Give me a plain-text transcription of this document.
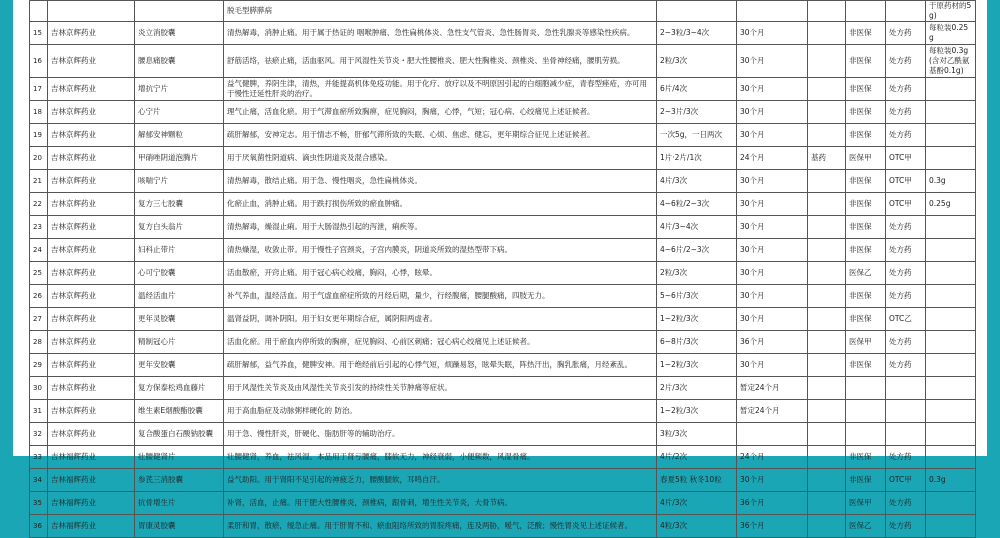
			脱毛型膵膵病						于原药材的5g)
15	吉林京辉药业	炎立消胶囊	清热解毒，消肿止痛。用于属于热证的 咽喉肿痛、急性扁桃体炎、急性支气管炎、急性肠胃炎、急性乳腺炎等感染性疾病。	2~3粒/3~4次	30个月		非医保	处方药	每粒装0.25g
16	吉林京辉药业	腰息痛胶囊	舒筋活络，祛瘀止痛，活血驱风。用于风湿性关节炎・肥大性腰椎炎、肥大性胸椎炎、颈椎炎、坐骨神经痛，腰肌劳损。	2粒/3次	30个月		非医保	处方药	每粒装0.3g(含对乙酰氨基酚0.1g)
17	吉林京辉药业	增抗宁片	益气健脾，养阴生津，清热，并能提高机体免疫功能。用于化疗、放疗以及不明原因引起的白细胞减少症，青春型痤疮，亦可用于慢性迁延性肝炎的治疗。	6片/4次	30个月		非医保	处方药	
18	吉林京辉药业	心宁片	理气止痛，活血化瘀。用于气滞血瘀所致胸痹，症见胸闷，胸痛，心悸，气短；冠心病、心绞痛见上述证候者。	2~3片/3次	30个月		非医保	处方药	
19	吉林京辉药业	解郁安神颗粒	疏肝解郁，安神定志。用于情志不畅，肝郁气滞所致的失眠、心烦、焦虑、健忘，更年期综合征见上述证候者。	一次5g，一日两次	30个月		非医保	处方药	
20	吉林京辉药业	甲硝唑阴道泡腾片	用于厌氧菌性阴道病、滴虫性阴道炎及混合感染。	1片·2片/1次	24个月	基药	医保甲	OTC甲	
21	吉林京辉药业	咳喘宁片	清热解毒，散结止痛。用于急、慢性咽炎，急性扁桃体炎。	4片/3次	30个月		非医保	OTC甲	0.3g
22	吉林京辉药业	复方三七胶囊	化瘀止血，消肿止痛。用于跌打损伤所致的瘀血肿痛。	4~6粒/2~3次	30个月		非医保	OTC甲	0.25g
23	吉林京辉药业	复方白头翁片	清热解毒，燥湿止痢。用于大肠湿热引起的泻泄，痢疾等。	4片/3~4次	30个月		非医保	处方药	
24	吉林京辉药业	妇科止带片	清热燥湿，收敛止带。用于慢性子宫颈炎，子宫内膜炎，阴道炎所致的湿热型带下病。	4~6片/2~3次	30个月		非医保	处方药	
25	吉林京辉药业	心可宁胶囊	活血散瘀，开窍止痛。用于冠心病心绞痛，胸闷，心悸，眩晕。	2粒/3次	30个月		医保乙	处方药	
26	吉林京辉药业	温经活血片	补气养血，温经活血。用于气虚血瘀症所致的月经后期，量少，行经腹痛，腰腿酸痛，四肢无力。	5~6片/3次	30个月		非医保	处方药	
27	吉林京辉药业	更年灵胶囊	温肾益阴，调补阴阳。用于妇女更年期综合症，属阴阳两虚者。	1~2粒/3次	30个月		非医保	OTC乙	
28	吉林京辉药业	精制冠心片	活血化瘀。用于瘀血内停所致的胸痹，症见胸闷、心前区刺痛；冠心病心绞痛见上述证候者。	6~8片/3次	36个月		医保甲	处方药	
29	吉林京辉药业	更年安胶囊	疏肝解郁，益气养血，健脾安神。用于绝经前后引起的心悸气短，烦躁易怒，眩晕失眠，阵热汗出，胸乳胀痛，月经紊乱。	1~2粒/3次	30个月		非医保	处方药	
30	吉林京辉药业	复方保泰松鸡血藤片	用于风湿性关节炎及由风湿性关节炎引发的持续性关节肿痛等症状。	2片/3次	暂定24个月				
31	吉林京辉药业	维生素E烟酸酯胶囊	用于高血脂症及动脉粥样硬化的 防治。	1~2粒/3次	暂定24个月				
32	吉林京辉药业	复合酸蛋白石酸钠胶囊	用于急、慢性肝炎，肝硬化、脂肪肝等的辅助治疗。	3粒/3次					
33	吉林福辉药业	壮腰健肾片	壮腰健肾，养血，祛风湿。本品用于肾亏腰痛，膝软无力，神经衰弱，小便频数，风湿骨痛。	4片/2次	24个月		非医保	处方药	
34	吉林福辉药业	参芪三消胶囊	益气助阳。用于肾阳不足引起的神疲乏力，腰酸腿软，耳鸣自汗。	春夏5粒 秋冬10粒	30个月		非医保	OTC甲	0.3g
35	吉林福辉药业	抗骨增生片	补肾，活血，止痛。用于肥大性腰椎炎，颈椎病，跟骨刺，增生性关节炎，大骨节病。	4片/3次	36个月		医保甲	处方药	
36	吉林福辉药业	胃康灵胶囊	柔肝和胃，散瘀，缓急止痛。用于肝胃不和、瘀血阻络所致的胃脘疼痛，连及两胁，嗳气，泛酸；慢性胃炎见上述证候者。	4粒/3次	36个月		医保乙	处方药	
